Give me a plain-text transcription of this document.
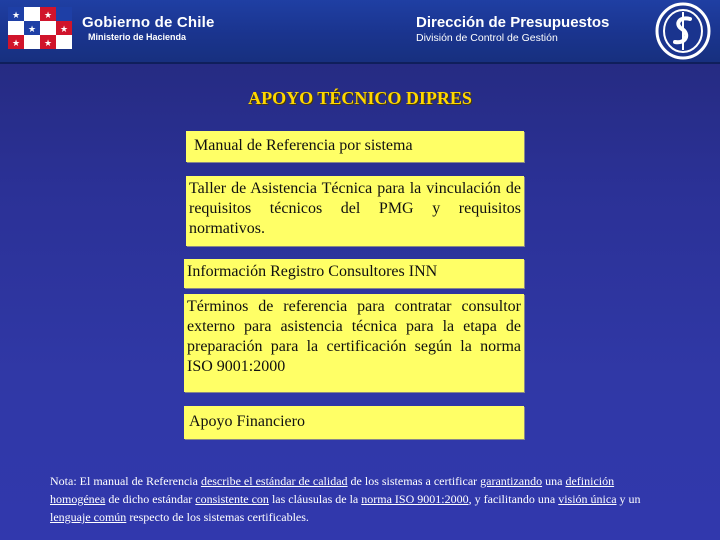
★
★
★
★
★	★
Gobierno de Chile
Ministerio de Hacienda
Dirección de Presupuestos
División de Control de Gestión
APOYO TÉCNICO DIPRES
Manual de Referencia por sistema
Taller de Asistencia Técnica para la vinculación de requisitos técnicos del PMG y requisitos normativos.
Información Registro Consultores INN
Términos de referencia para contratar consultor externo para asistencia técnica para la etapa de preparación para la certificación según la norma ISO 9001:2000
Apoyo Financiero
Nota: El manual de Referencia describe el estándar de calidad de los sistemas a certificar garantizando una definición homogénea de dicho estándar consistente con las cláusulas de la norma ISO 9001:2000, y facilitando una visión única y un lenguaje común respecto de los sistemas certificables.
